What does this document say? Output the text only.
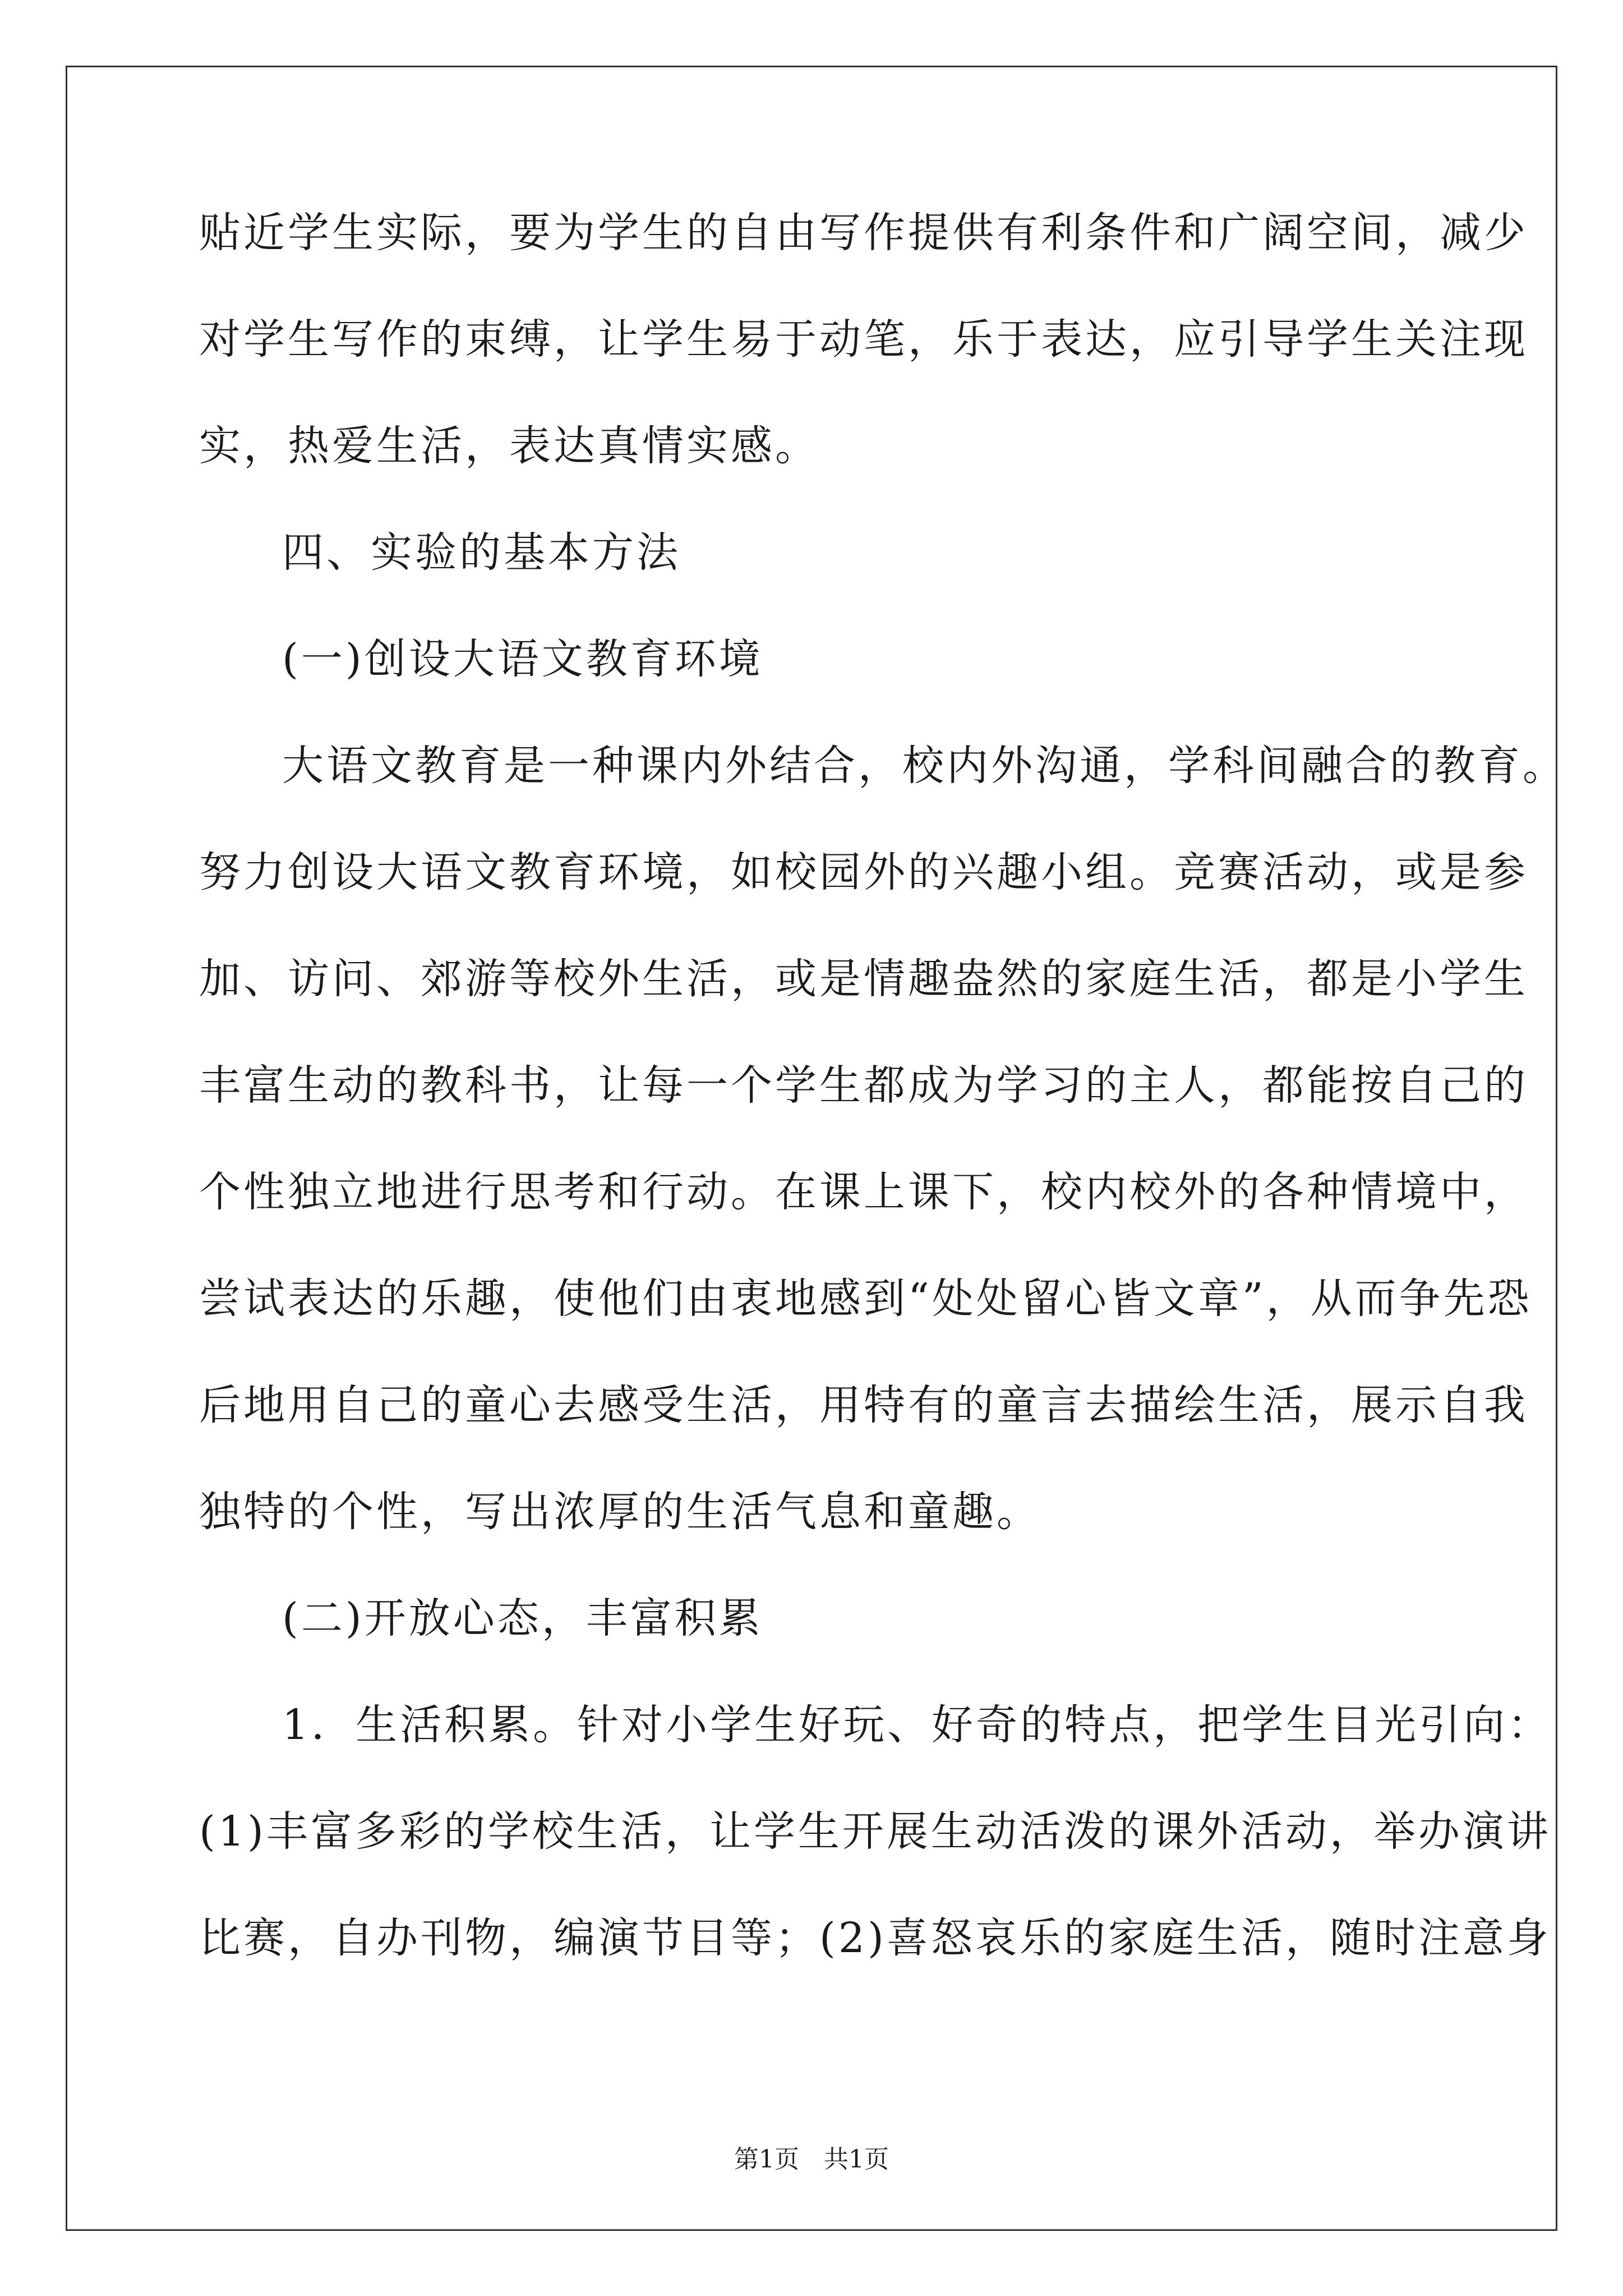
贴近学生实际，要为学生的自由写作提供有利条件和广阔空间，减少
对学生写作的束缚，让学生易于动笔，乐于表达，应引导学生关注现
实，热爱生活，表达真情实感。
四、实验的基本方法
(一)创设大语文教育环境
大语文教育是一种课内外结合，校内外沟通，学科间融合的教育。
努力创设大语文教育环境，如校园外的兴趣小组。竞赛活动，或是参
加、访问、郊游等校外生活，或是情趣盎然的家庭生活，都是小学生
丰富生动的教科书，让每一个学生都成为学习的主人，都能按自己的
个性独立地进行思考和行动。在课上课下，校内校外的各种情境中，
尝试表达的乐趣，使他们由衷地感到“处处留心皆文章”，从而争先恐
后地用自己的童心去感受生活，用特有的童言去描绘生活，展示自我
独特的个性，写出浓厚的生活气息和童趣。
(二)开放心态，丰富积累
1．生活积累。针对小学生好玩、好奇的特点，把学生目光引向：
(1)丰富多彩的学校生活，让学生开展生动活泼的课外活动，举办演讲
比赛，自办刊物，编演节目等；(2)喜怒哀乐的家庭生活，随时注意身
第1页　共1页
